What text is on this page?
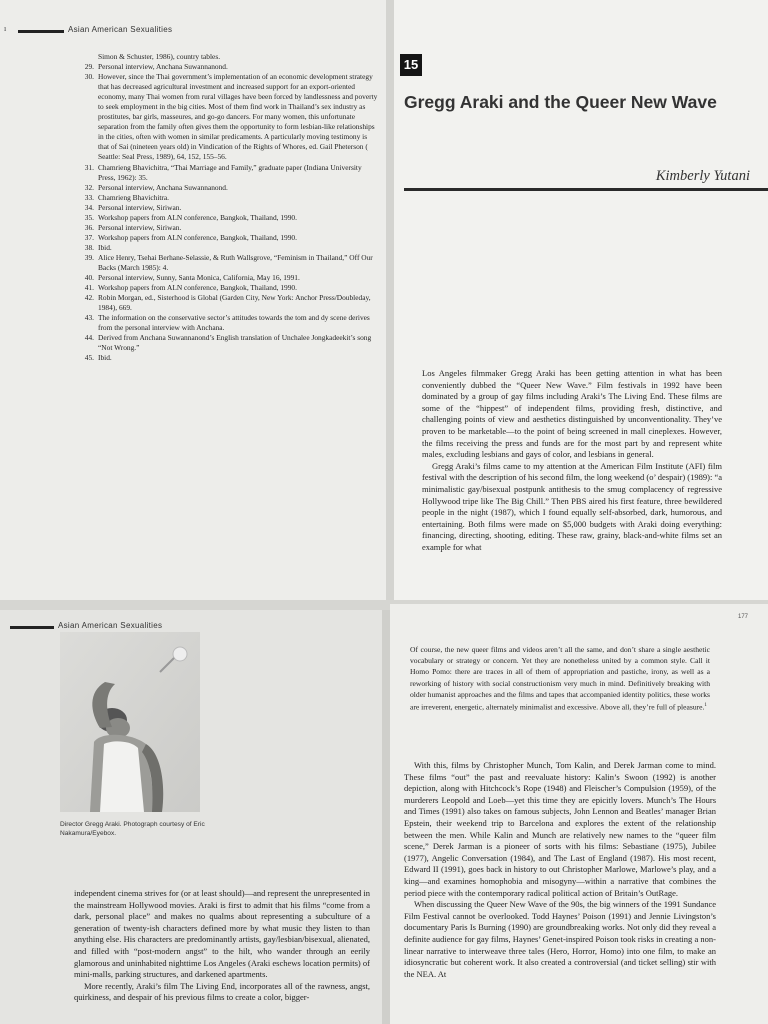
ı	Asian American Sexualities
Simon & Schuster, 1986), country tables.
29. Personal interview, Anchana Suwannanond.
30. However, since the Thai government’s implementation of an economic development strategy that has decreased agricultural investment and increased support for an export-oriented economy, many Thai women from rural villages have been forced by landlessness and poverty to seek employment in the big cities. Most of them find work in Thailand’s sex industry as prostitutes, bar girls, masseures, and go-go dancers. For many women, this unfortunate separation from the family often gives them the opportunity to form lesbian-like relationships in the cities, often with women in similar predicaments. A particularly moving testimony is that of Sai (nineteen years old) in Vindication of the Rights of Whores, ed. Gail Pheterson ( Seattle: Seal Press, 1989), 64, 152, 155–56.
31. Chamrieng Bhavichitra, “Thai Marriage and Family,” graduate paper (Indiana University Press, 1962): 35.
32. Personal interview, Anchana Suwannanond.
33. Chamrieng Bhavichitra.
34. Personal interview, Siriwan.
35. Workshop papers from ALN conference, Bangkok, Thailand, 1990.
36. Personal interview, Siriwan.
37. Workshop papers from ALN conference, Bangkok, Thailand, 1990.
38. Ibid.
39. Alice Henry, Tsehai Berhane-Selassie, & Ruth Wallsgrove, “Feminism in Thailand,” Off Our Backs (March 1985): 4.
40. Personal interview, Sunny, Santa Monica, California, May 16, 1991.
41. Workshop papers from ALN conference, Bangkok, Thailand, 1990.
42. Robin Morgan, ed., Sisterhood is Global (Garden City, New York: Anchor Press/Doubleday, 1984), 669.
43. The information on the conservative sector’s attitudes towards the tom and dy scene derives from the personal interview with Anchana.
44. Derived from Anchana Suwannanond’s English translation of Unchalee Jongkadeekit’s song “Not Wrong.”
45. Ibid.
15
Gregg Araki and the Queer New Wave
Kimberly Yutani

Los Angeles filmmaker Gregg Araki has been getting attention in what has been conveniently dubbed the “Queer New Wave.” Film festivals in 1992 have been dominated by a group of gay films including Araki’s The Living End. These films are some of the “hippest” of independent films, providing fresh, distinctive, and challenging points of view and aesthetics distinguished by unconventionality. They’ve proven to be marketable—to the point of being screened in mall cineplexes. However, the films receiving the press and funds are for the most part by and represent white males, excluding lesbians and gays of color, and lesbians in general.

Gregg Araki’s films came to my attention at the American Film Institute (AFI) film festival with the description of his second film, the long weekend (o’ despair) (1989): “a minimalistic gay/bisexual postpunk antithesis to the smug complacency of regressive Hollywood tripe like The Big Chill.” Then PBS aired his first feature, three bewildered people in the night (1987), which I found equally self-absorbed, dark, humorous, and entertaining. Both films were made on $5,000 budgets with Araki doing everything: financing, directing, shooting, editing. These raw, grainy, black-and-white films set an example for what

Asian American Sexualities
Director Gregg Araki. Photograph courtesy of Eric Nakamura/Eyebox.

independent cinema strives for (or at least should)—and represent the unrepresented in the mainstream Hollywood movies. Araki is first to admit that his films “come from a dark, personal place” and makes no qualms about representing a subculture of a generation of twenty-ish characters defined more by what music they listen to than anything else. His characters are predominantly artists, gay/lesbian/bisexual, alienated, and filled with “post-modern angst” to the hilt, who wander through an eerily glamorous and uninhabited nighttime Los Angeles (Araki eschews location permits) of mini-malls, parking structures, and darkened apartments.

More recently, Araki’s film The Living End, incorporates all of the rawness, angst, quirkiness, and despair of his previous films to create a color, bigger-

177

Of course, the new queer films and videos aren’t all the same, and don’t share a single aesthetic vocabulary or strategy or concern. Yet they are nonetheless united by a common style. Call it Homo Pomo: there are traces in all of them of appropriation and pastiche, irony, as well as a reworking of history with social constructionism very much in mind. Definitively breaking with older humanist approaches and the films and tapes that accompanied identity politics, these works are irreverent, energetic, alternately minimalist and excessive. Above all, they’re full of pleasure.$^1$

With this, films by Christopher Munch, Tom Kalin, and Derek Jarman come to mind. These films “out” the past and reevaluate history: Kalin’s Swoon (1992) is another depiction, along with Hitchcock’s Rope (1948) and Fleischer’s Compulsion (1959), of the murderers Leopold and Loeb—yet this time they are epicitly lovers. Munch’s The Hours and Times (1991) also takes on famous subjects, John Lennon and Beatles’ manager Brian Epstein, their weekend trip to Barcelona and explores the extent of the relationship between the men. While Kalin and Munch are relatively new names to the “queer film scene,” Derek Jarman is a pioneer of sorts with his films: Sebastiane (1975), Jubilee (1977), Angelic Conversation (1984), and The Last of England (1987). His most recent, Edward II (1991), goes back in history to out Christopher Marlowe, Marlowe’s play, and a king—and examines homophobia and misogyny—within a narrative that combines the period piece with the contemporary radical political action of Britain’s OutRage.

When discussing the Queer New Wave of the 90s, the big winners of the 1991 Sundance Film Festival cannot be overlooked. Todd Haynes’ Poison (1991) and Jennie Livingston’s documentary Paris Is Burning (1990) are groundbreaking works. Not only did they reveal a definite audience for gay films, Haynes’ Genet-inspired Poison took risks in creating a non-linear narrative to interweave three tales (Hero, Horror, Homo) into one film, to make an idiosyncratic but coherent work. It also created a controversial (and ticket selling) stir with the NEA. At
